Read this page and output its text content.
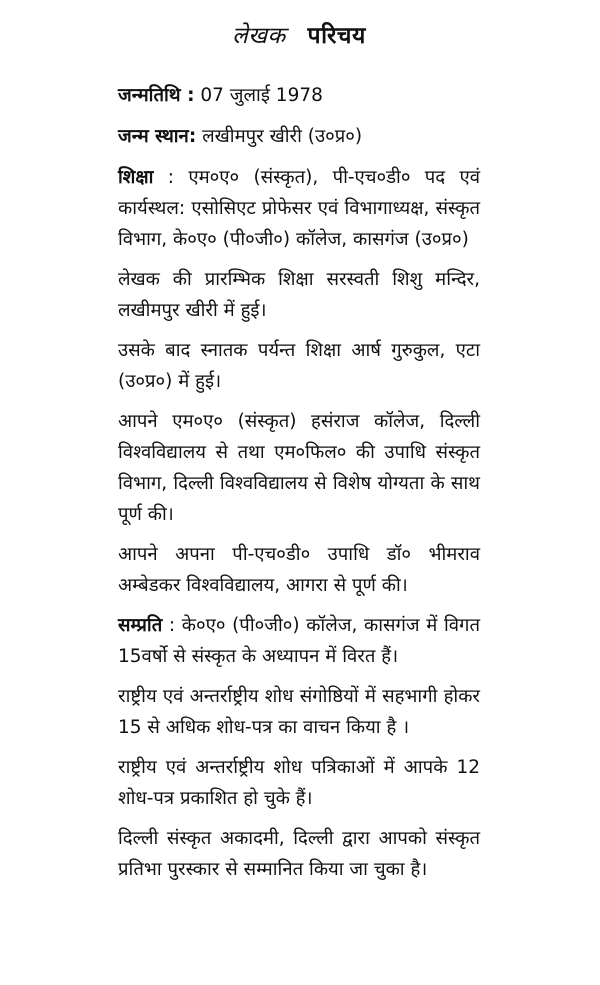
लेखक परिचय
जन्मतिथि : 07 जुलाई 1978
जन्म स्थान: लखीमपुर खीरी (उ०प्र०)
शिक्षा : एम०ए० (संस्कृत), पी-एच०डी० पद एवं कार्यस्थल: एसोसिएट प्रोफेसर एवं विभागाध्यक्ष, संस्कृत विभाग, के०ए० (पी०जी०) कॉलेज, कासगंज (उ०प्र०)

लेखक की प्रारम्भिक शिक्षा सरस्वती शिशु मन्दिर, लखीमपुर खीरी में हुई।

उसके बाद स्नातक पर्यन्त शिक्षा आर्ष गुरुकुल, एटा (उ०प्र०) में हुई।

आपने एम०ए० (संस्कृत) हसंराज कॉलेज, दिल्ली विश्वविद्यालय से तथा एम०फिल० की उपाधि संस्कृत विभाग, दिल्ली विश्वविद्यालय से विशेष योग्यता के साथ पूर्ण की।

आपने अपना पी-एच०डी० उपाधि डॉ० भीमराव अम्बेडकर विश्वविद्यालय, आगरा से पूर्ण की।

सम्प्रति : के०ए० (पी०जी०) कॉलेज, कासगंज में विगत 15वर्षो से संस्कृत के अध्यापन में विरत हैं।

राष्ट्रीय एवं अन्तर्राष्ट्रीय शोध संगोष्ठियों में सहभागी होकर 15 से अधिक शोध-पत्र का वाचन किया है ।

राष्ट्रीय एवं अन्तर्राष्ट्रीय शोध पत्रिकाओं में आपके 12 शोध-पत्र प्रकाशित हो चुके हैं।

दिल्ली संस्कृत अकादमी, दिल्ली द्वारा आपको संस्कृत प्रतिभा पुरस्कार से सम्मानित किया जा चुका है।
